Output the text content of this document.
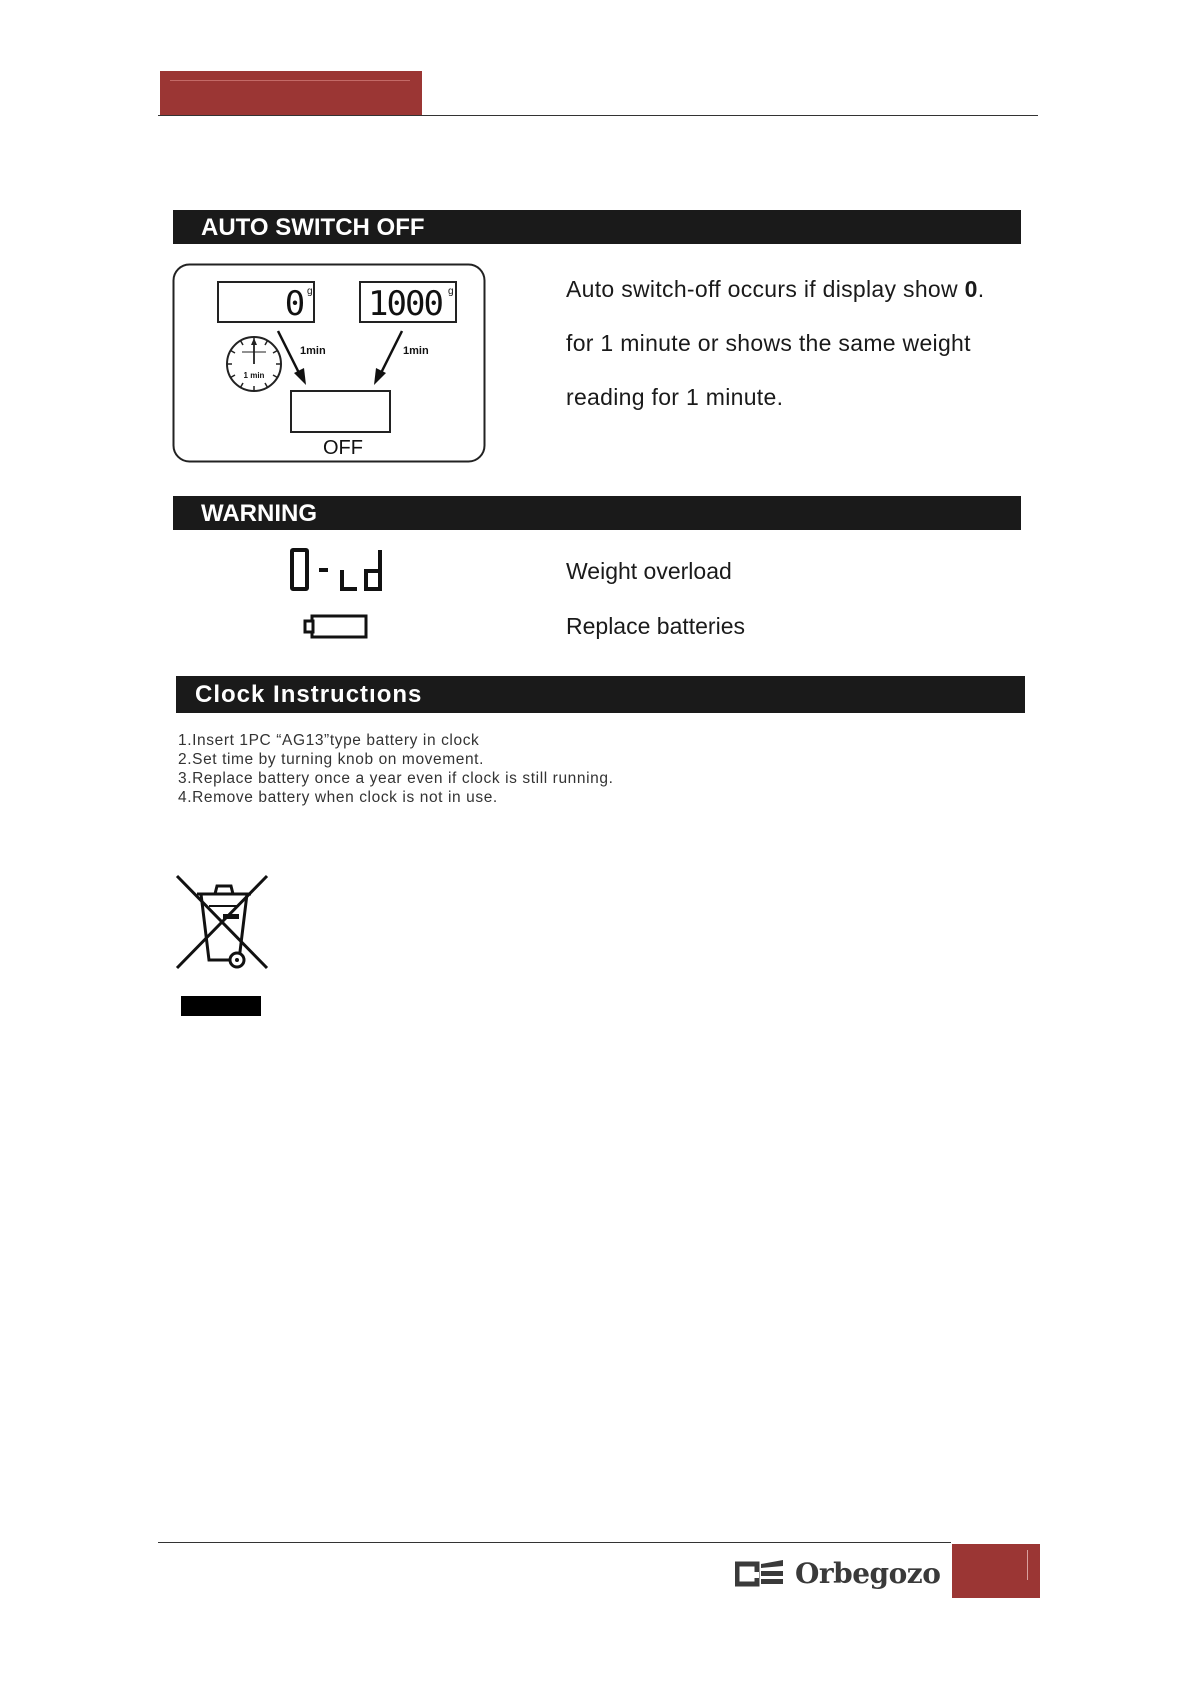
AUTO SWITCH OFF
0 g 1000 g
1 min
1min	1min
OFF

Auto switch-off occurs if display show 0.

for 1 minute or shows the same weight

reading for 1 minute.

WARNING
0-Ld	Weight overload
Replace batteries
Clock Instructıons
1.Insert 1PC “AG13”type battery in clock
2.Set time by turning knob on movement.
3.Replace battery once a year even if clock is still running.
4.Remove battery when clock is not in use.
Orbegozo
